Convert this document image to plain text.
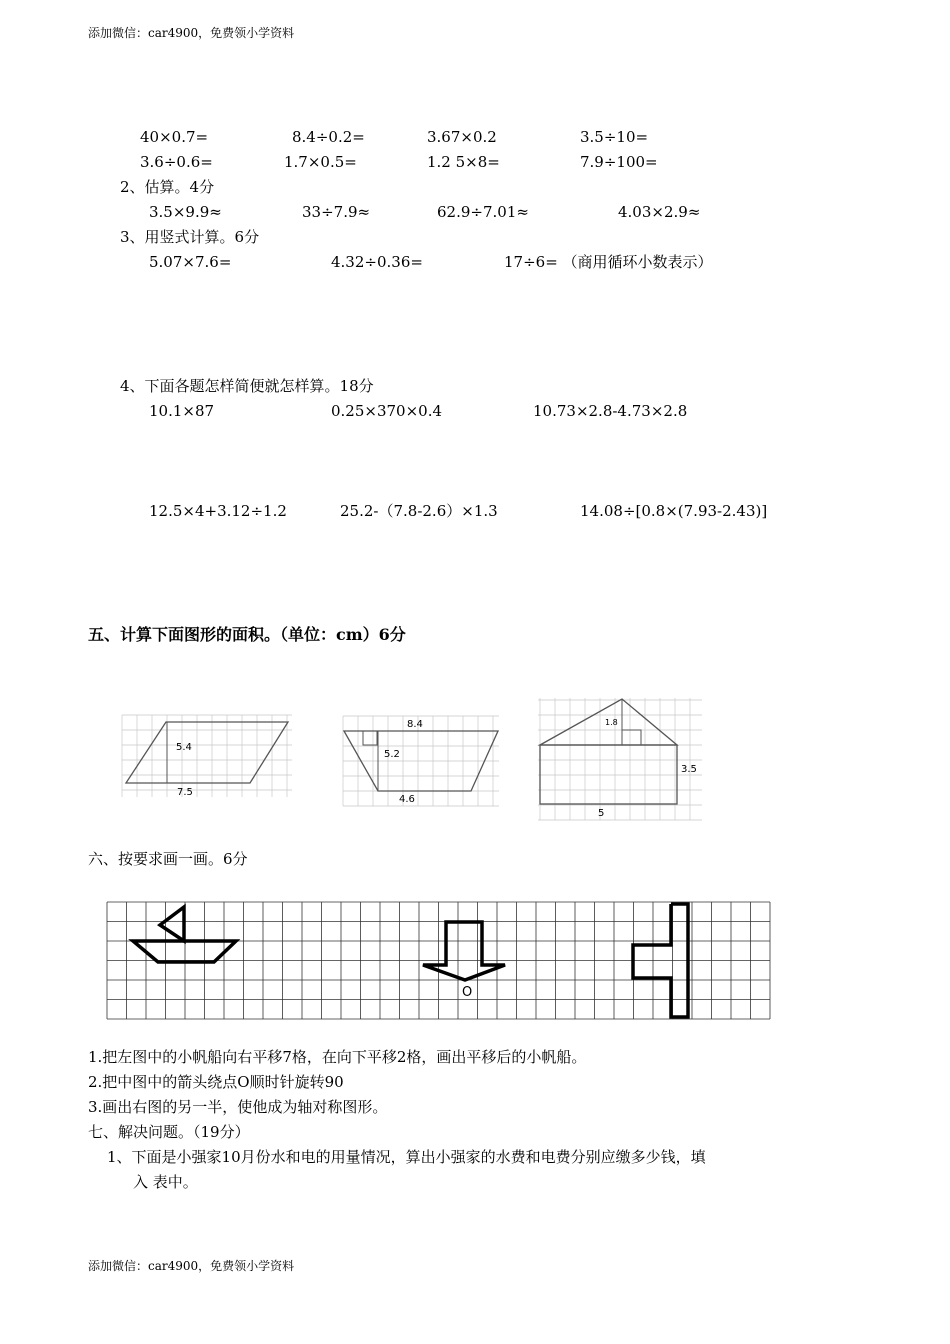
添加微信：car4900，免费领小学资料
40×0.7=	8.4÷0.2=	3.67×0.2	3.5÷10=
3.6÷0.6=	1.7×0.5=	1.2 5×8=	7.9÷100=
2、估算。4分
3.5×9.9≈	33÷7.9≈	62.9÷7.01≈	4.03×2.9≈
3、用竖式计算。6分
5.07×7.6=	4.32÷0.36=	17÷6= （商用循环小数表示）
4、下面各题怎样简便就怎样算。18分
10.1×87	0.25×370×0.4	10.73×2.8-4.73×2.8
12.5×4+3.12÷1.2	25.2-（7.8-2.6）×1.3	14.08÷[0.8×(7.93-2.43)]
五、计算下面图形的面积。（单位：cm）6分
5.4
7.5
8.4
5.2
4.6
1.8
3.5
5
六、按要求画一画。6分
O
1.把左图中的小帆船向右平移7格，在向下平移2格，画出平移后的小帆船。
2.把中图中的箭头绕点O顺时针旋转90
3.画出右图的另一半，使他成为轴对称图形。
七、解决问题。（19分）
1、下面是小强家10月份水和电的用量情况，算出小强家的水费和电费分别应缴多少钱，填
入 表中。
添加微信：car4900，免费领小学资料
